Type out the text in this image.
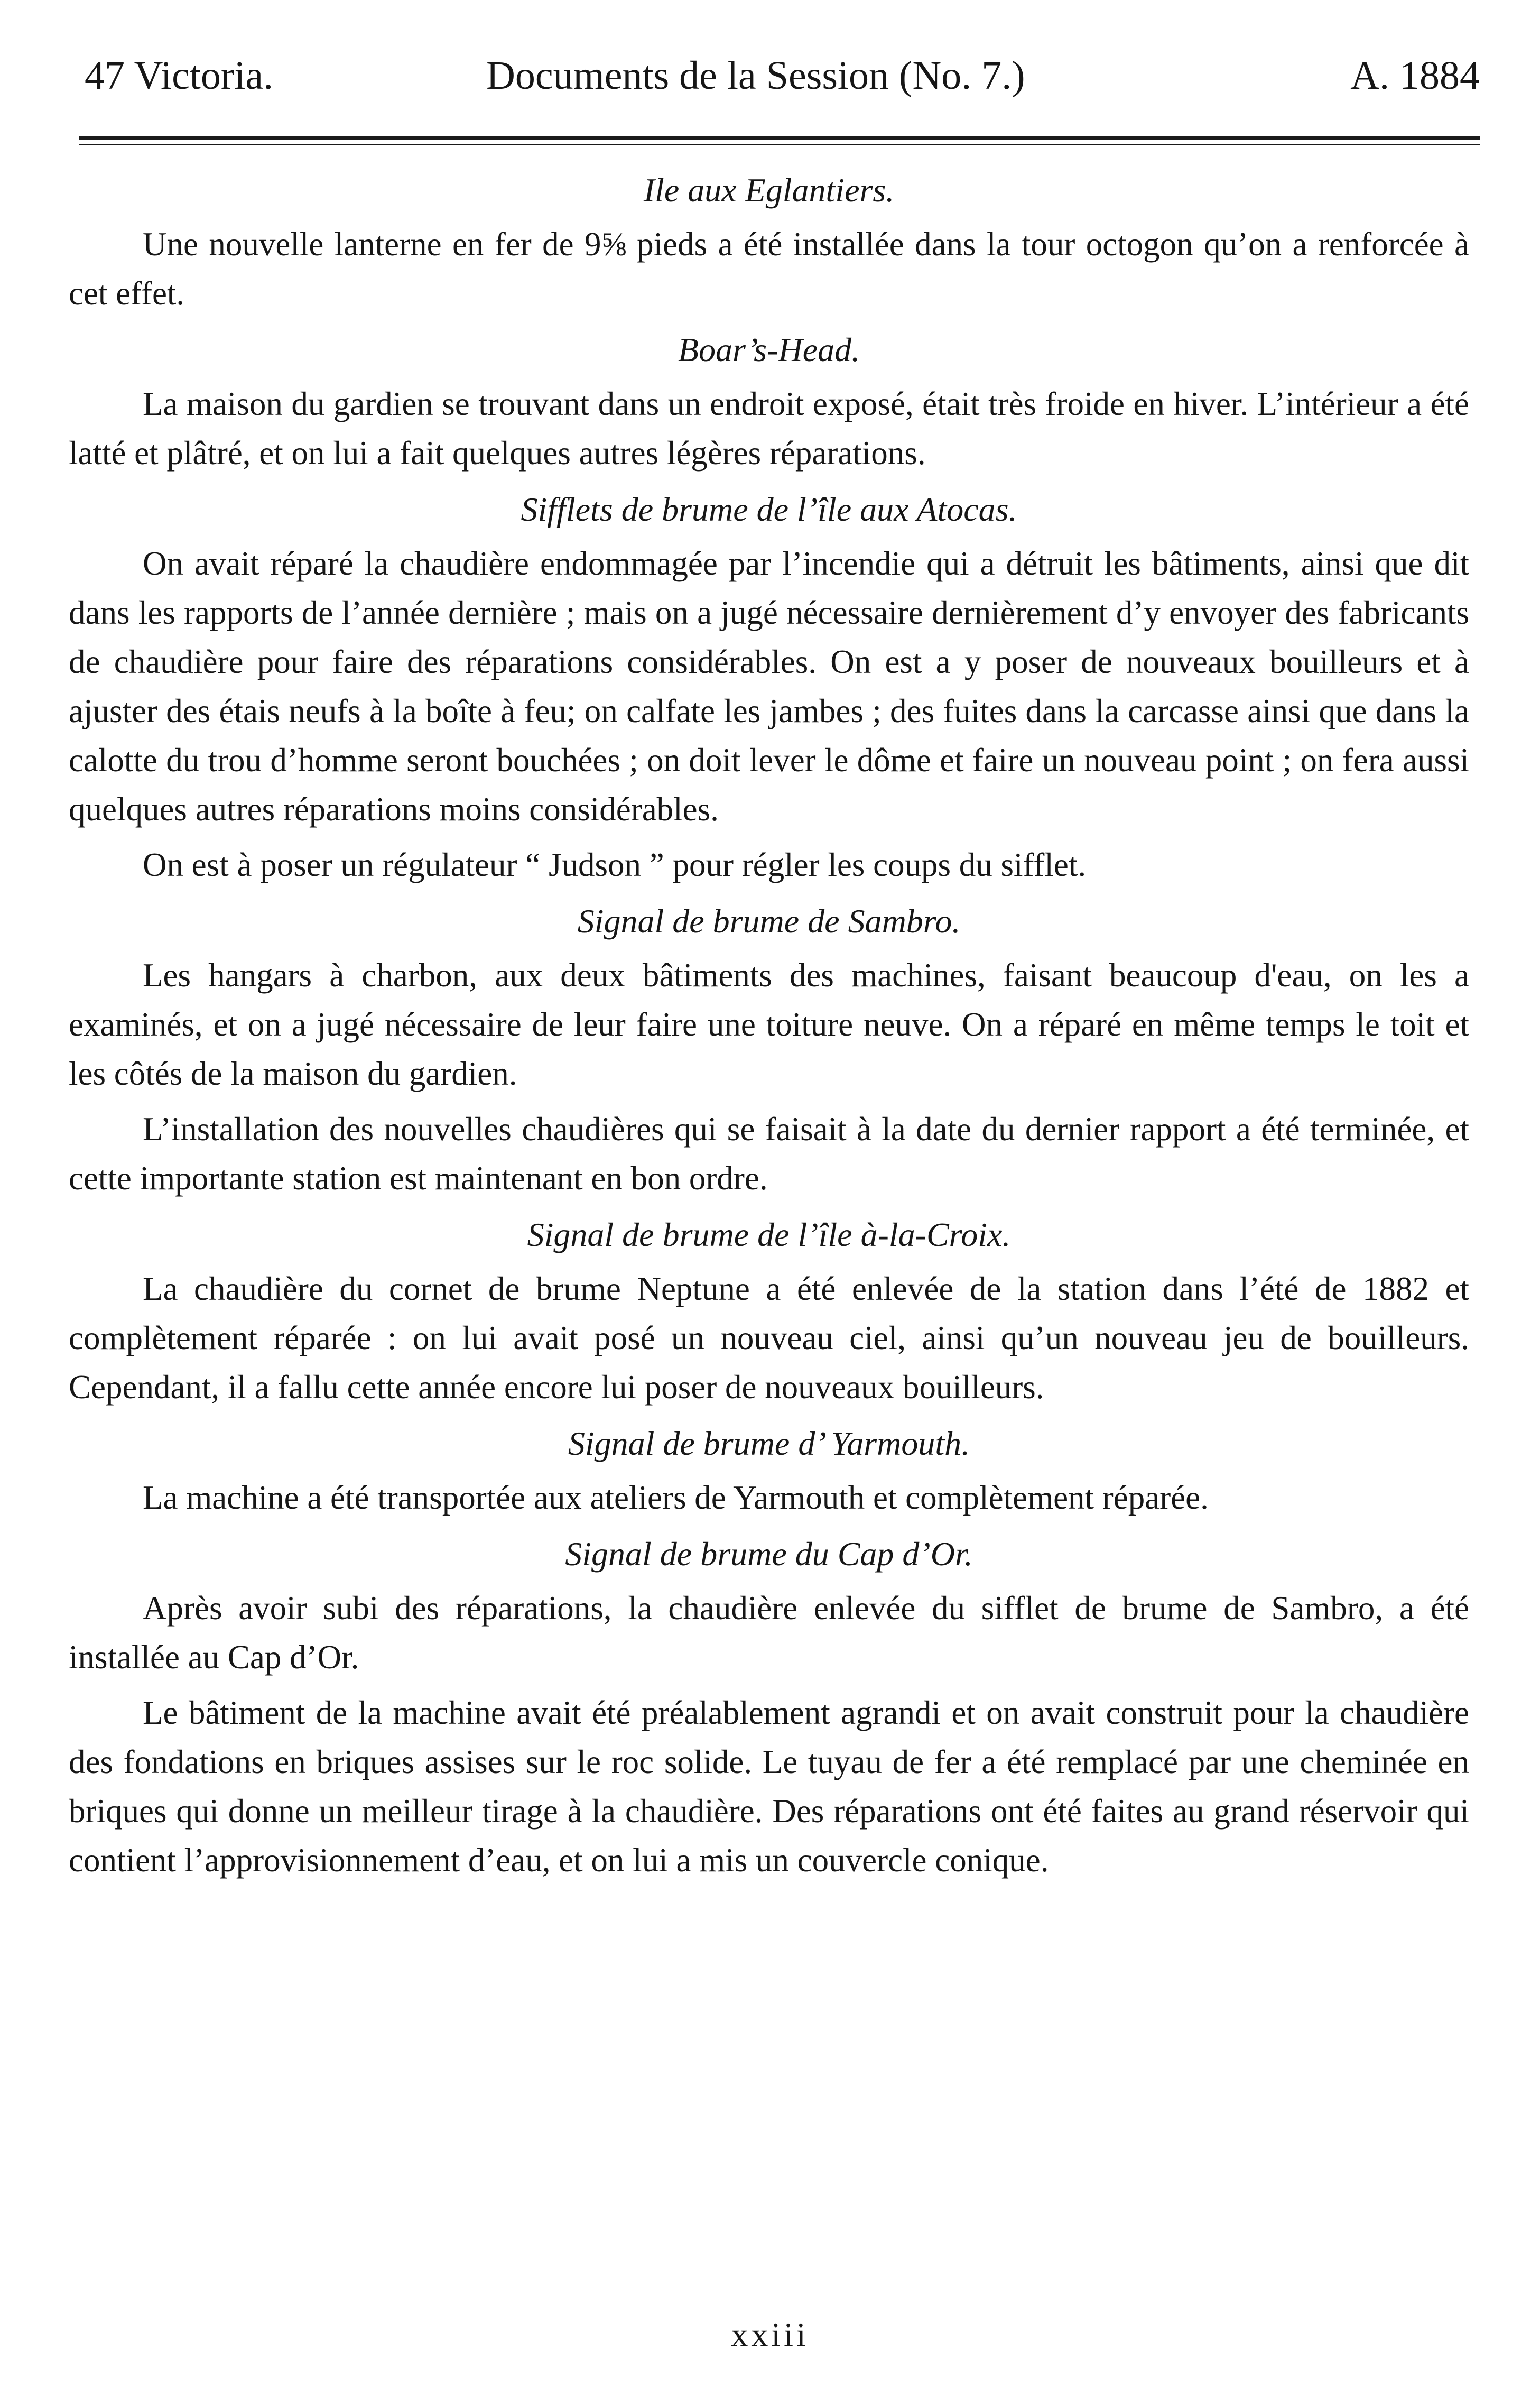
47 Victoria.	Documents de la Session (No. 7.)	A. 1884
Ile aux Eglantiers.

Une nouvelle lanterne en fer de 9⅝ pieds a été installée dans la tour octogon qu’on a renforcée à cet effet.

Boar’s-Head.

La maison du gardien se trouvant dans un endroit exposé, était très froide en hiver. L’intérieur a été latté et plâtré, et on lui a fait quelques autres légères réparations.

Sifflets de brume de l’île aux Atocas.

On avait réparé la chaudière endommagée par l’incendie qui a détruit les bâtiments, ainsi que dit dans les rapports de l’année dernière ; mais on a jugé nécessaire dernièrement d’y envoyer des fabricants de chaudière pour faire des réparations considérables. On est a y poser de nouveaux bouilleurs et à ajuster des étais neufs à la boîte à feu; on calfate les jambes ; des fuites dans la carcasse ainsi que dans la calotte du trou d’homme seront bouchées ; on doit lever le dôme et faire un nouveau point ; on fera aussi quelques autres réparations moins considérables.

On est à poser un régulateur “ Judson ” pour régler les coups du sifflet.

Signal de brume de Sambro.

Les hangars à charbon, aux deux bâtiments des machines, faisant beaucoup d'eau, on les a examinés, et on a jugé nécessaire de leur faire une toiture neuve. On a réparé en même temps le toit et les côtés de la maison du gardien.

L’installation des nouvelles chaudières qui se faisait à la date du dernier rapport a été terminée, et cette importante station est maintenant en bon ordre.

Signal de brume de l’île à-la-Croix.

La chaudière du cornet de brume Neptune a été enlevée de la station dans l’été de 1882 et complètement réparée : on lui avait posé un nouveau ciel, ainsi qu’un nouveau jeu de bouilleurs. Cependant, il a fallu cette année encore lui poser de nouveaux bouilleurs.

Signal de brume d’ Yarmouth.

La machine a été transportée aux ateliers de Yarmouth et complètement réparée.

Signal de brume du Cap d’Or.

Après avoir subi des réparations, la chaudière enlevée du sifflet de brume de Sambro, a été installée au Cap d’Or.

Le bâtiment de la machine avait été préalablement agrandi et on avait construit pour la chaudière des fondations en briques assises sur le roc solide. Le tuyau de fer a été remplacé par une cheminée en briques qui donne un meilleur tirage à la chaudière. Des réparations ont été faites au grand réservoir qui contient l’approvisionnement d’eau, et on lui a mis un couvercle conique.

xxiii
